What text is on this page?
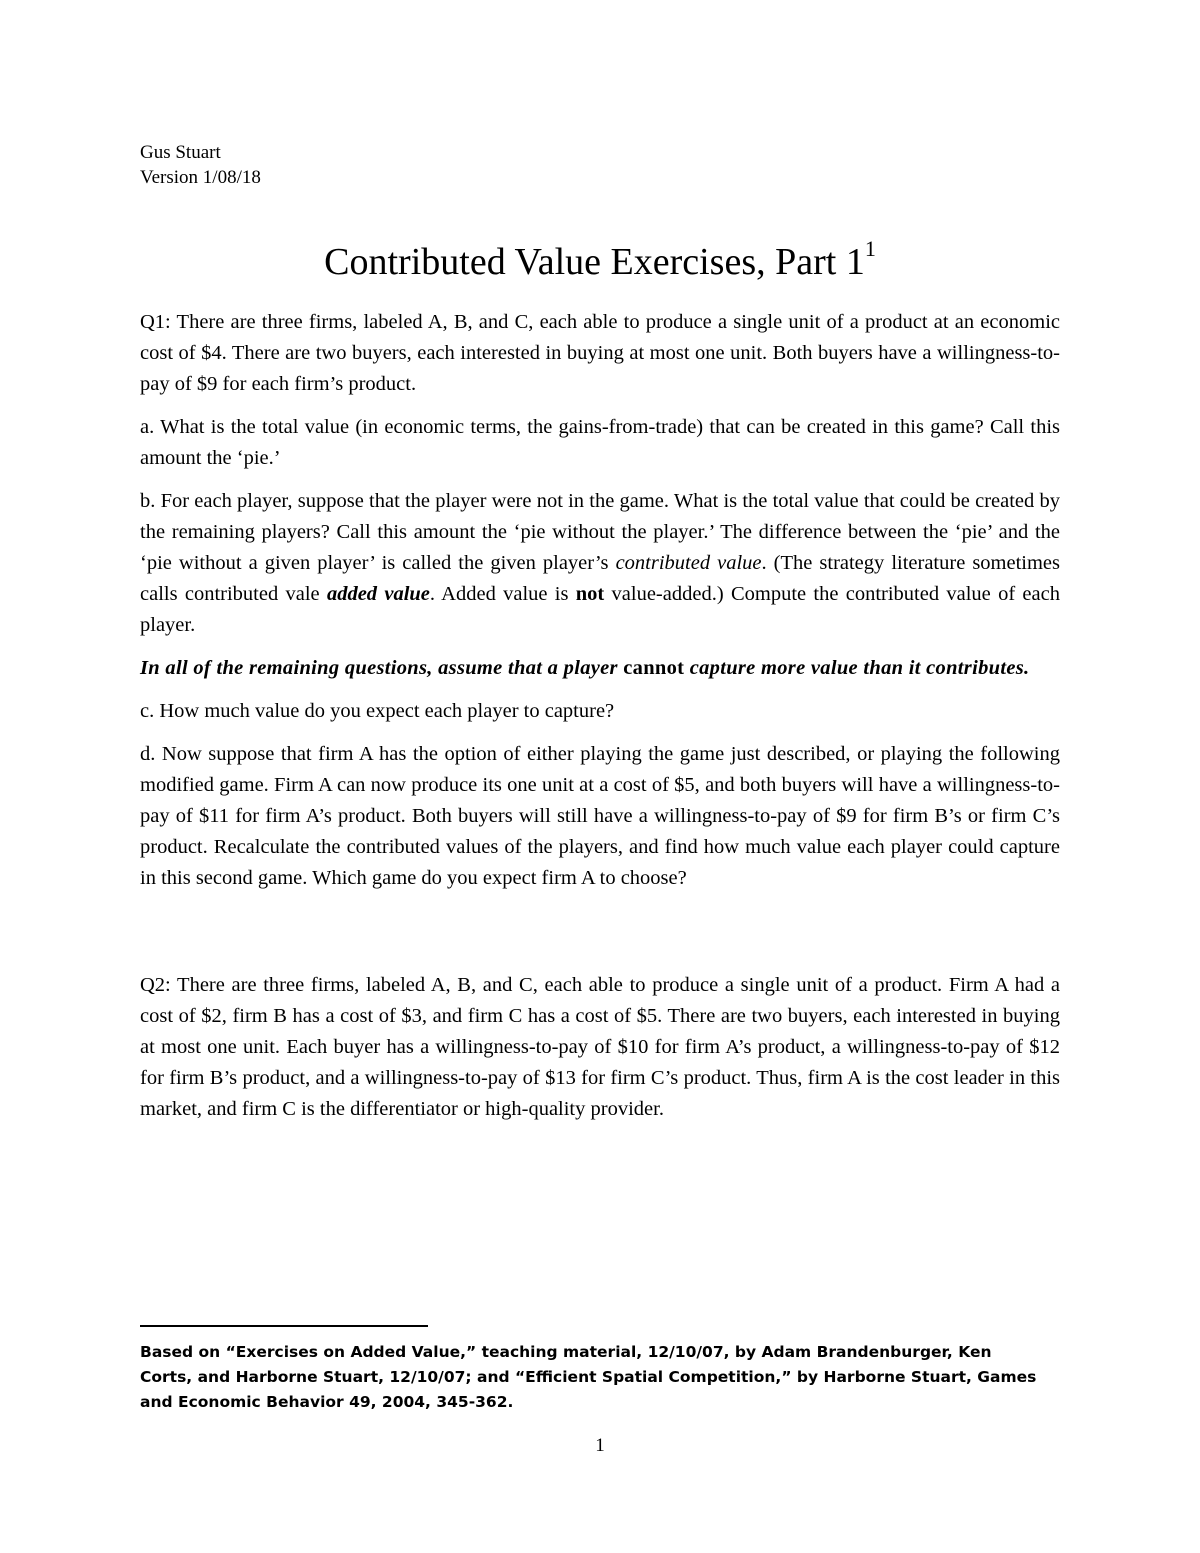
Gus Stuart
Version 1/08/18
Contributed Value Exercises, Part $1^1$

Q1: There are three firms, labeled A, B, and C, each able to produce a single unit of a product at an economic cost of $4. There are two buyers, each interested in buying at most one unit. Both buyers have a willingness-to-pay of $9 for each firm’s product.

a. What is the total value (in economic terms, the gains-from-trade) that can be created in this game? Call this amount the ‘pie.’

b. For each player, suppose that the player were not in the game. What is the total value that could be created by the remaining players? Call this amount the ‘pie without the player.’ The difference between the ‘pie’ and the ‘pie without a given player’ is called the given player’s contributed value. (The strategy literature sometimes calls contributed vale added value. Added value is not value-added.) Compute the contributed value of each player.

In all of the remaining questions, assume that a player cannot capture more value than it contributes.

c. How much value do you expect each player to capture?

d. Now suppose that firm A has the option of either playing the game just described, or playing the following modified game. Firm A can now produce its one unit at a cost of $5, and both buyers will have a willingness-to-pay of $11 for firm A’s product. Both buyers will still have a willingness-to-pay of $9 for firm B’s or firm C’s product. Recalculate the contributed values of the players, and find how much value each player could capture in this second game. Which game do you expect firm A to choose?

Q2: There are three firms, labeled A, B, and C, each able to produce a single unit of a product. Firm A had a cost of $2, firm B has a cost of $3, and firm C has a cost of $5. There are two buyers, each interested in buying at most one unit. Each buyer has a willingness-to-pay of $10 for firm A’s product, a willingness-to-pay of $12 for firm B’s product, and a willingness-to-pay of $13 for firm C’s product. Thus, firm A is the cost leader in this market, and firm C is the differentiator or high-quality provider.

Based on “Exercises on Added Value,” teaching material, 12/10/07, by Adam Brandenburger, Ken Corts, and Harborne Stuart, 12/10/07; and “Efficient Spatial Competition,” by Harborne Stuart, Games and Economic Behavior 49, 2004, 345-362.
1
